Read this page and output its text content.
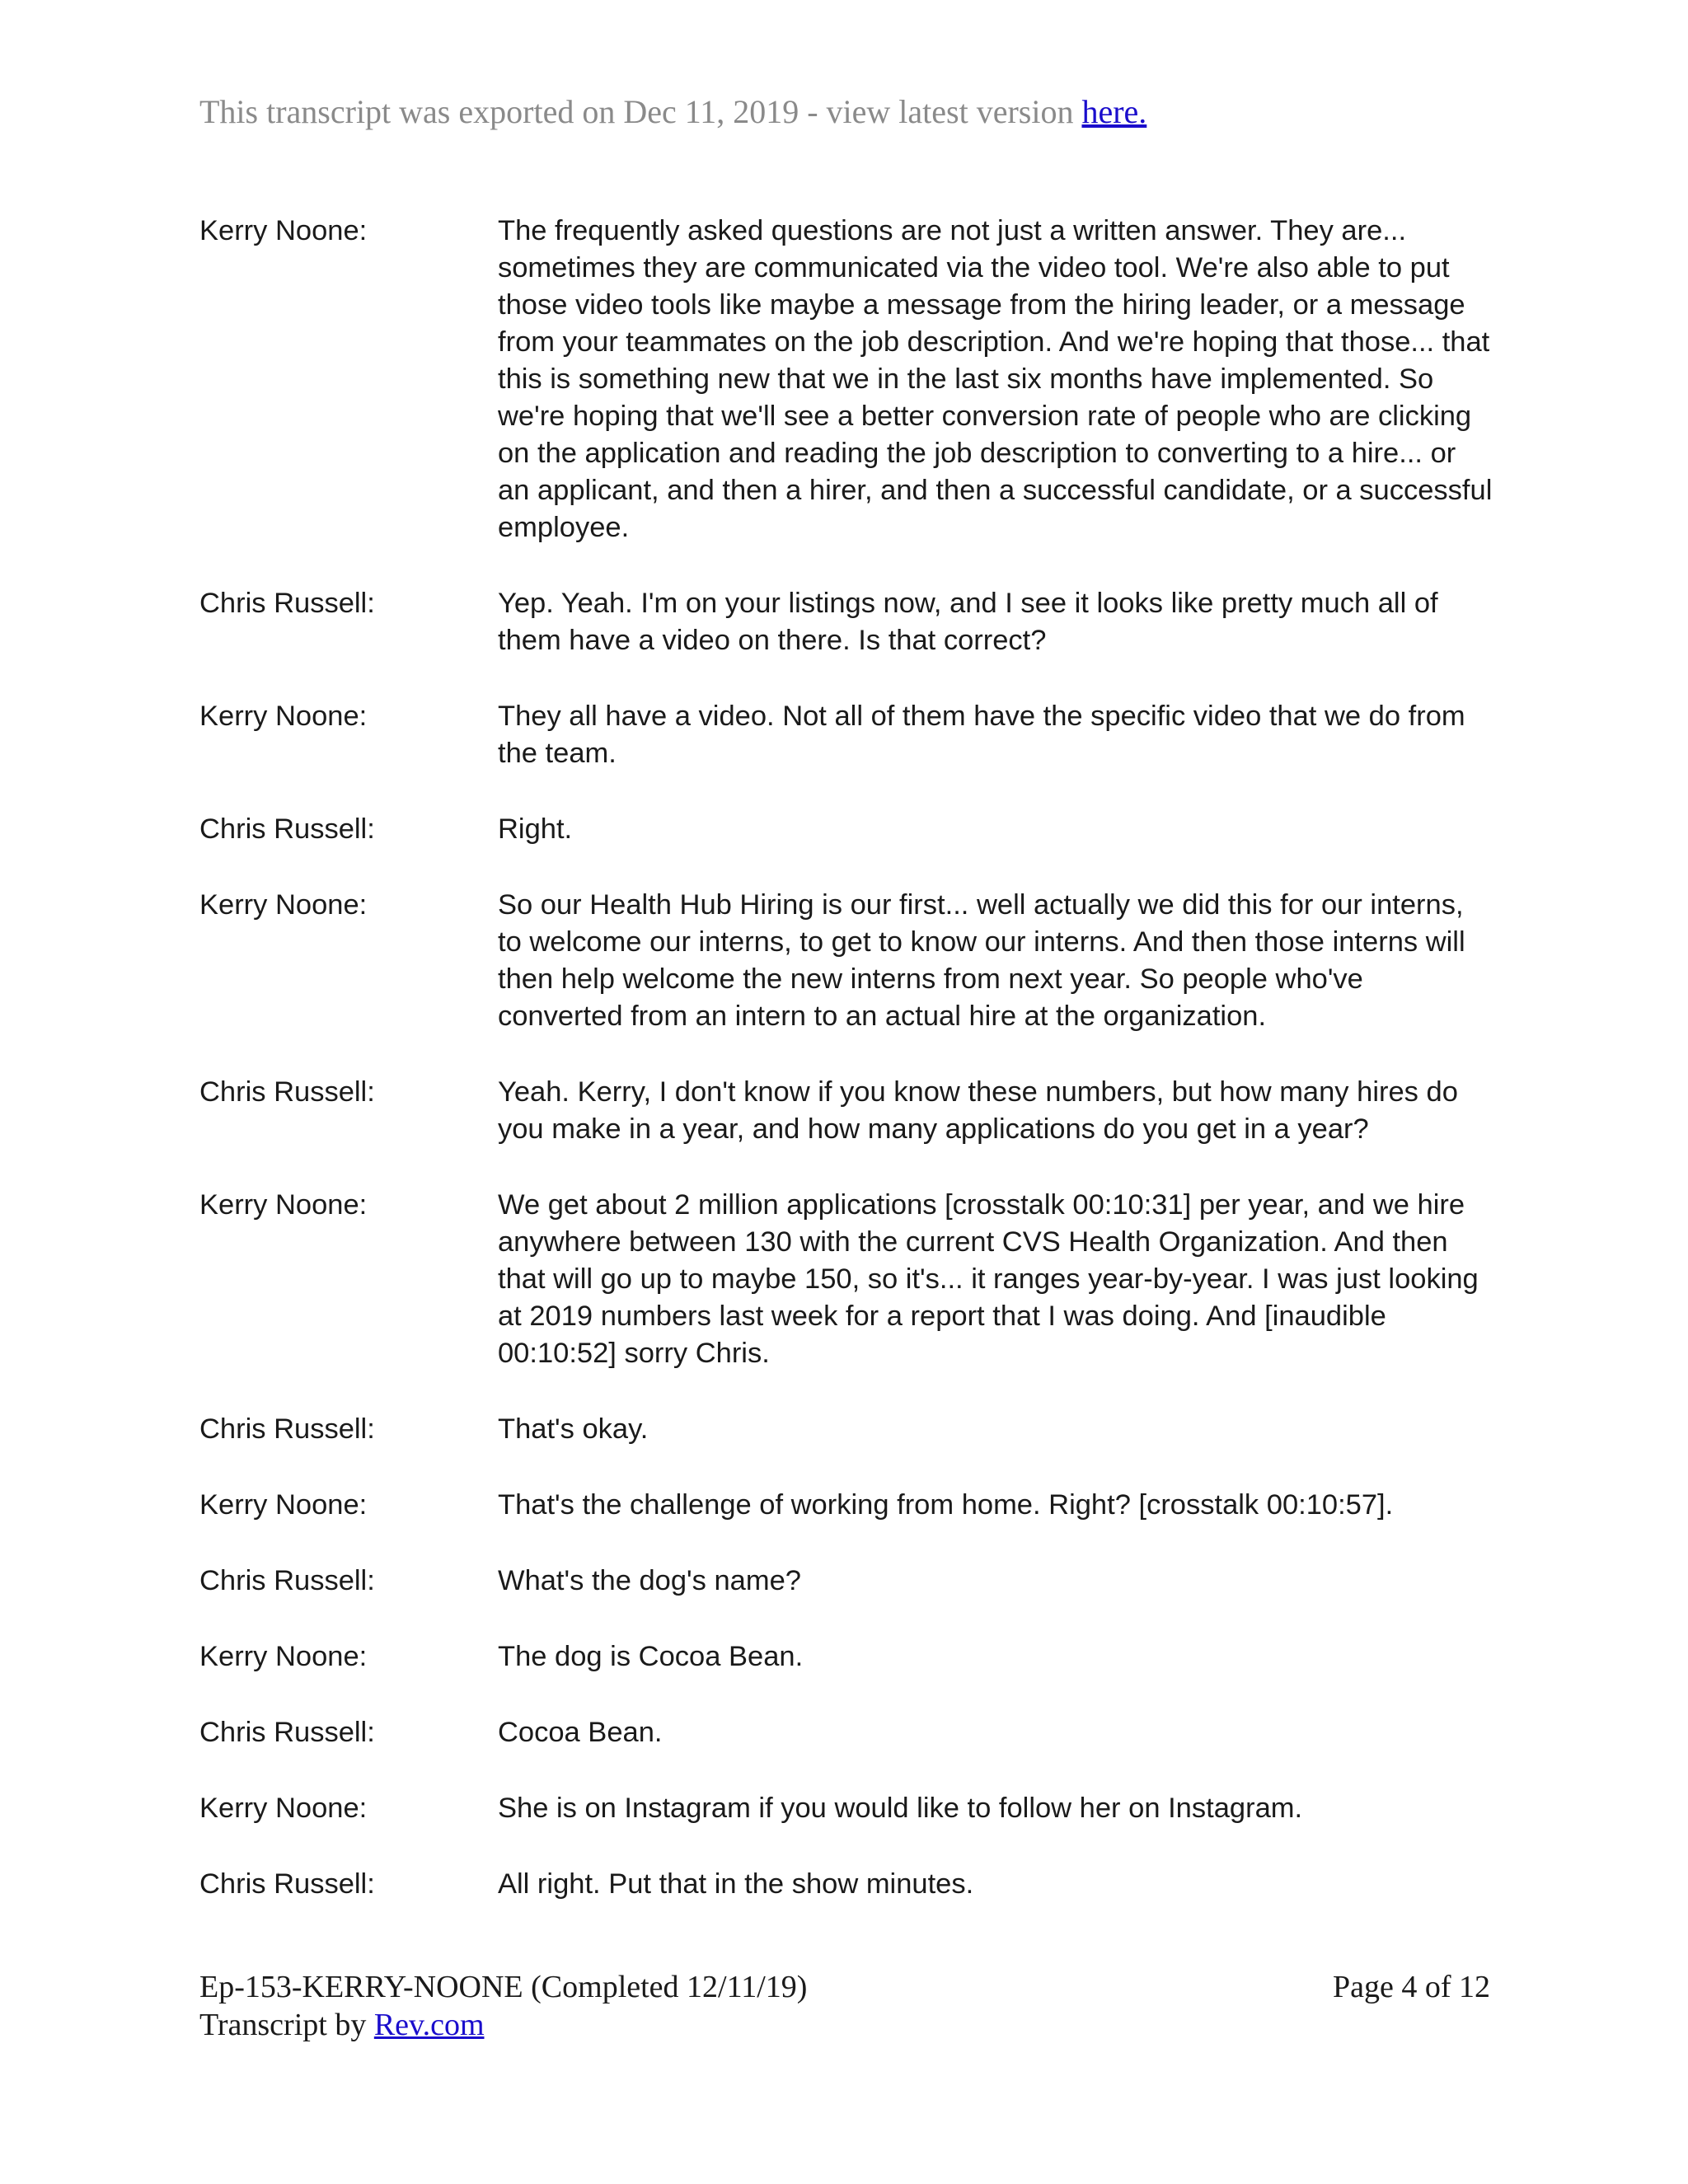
This transcript was exported on Dec 11, 2019 - view latest version here.
Kerry Noone:	The frequently asked questions are not just a written answer. They are... sometimes they are communicated via the video tool. We're also able to put those video tools like maybe a message from the hiring leader, or a message from your teammates on the job description. And we're hoping that those... that this is something new that we in the last six months have implemented. So we're hoping that we'll see a better conversion rate of people who are clicking on the application and reading the job description to converting to a hire... or an applicant, and then a hirer, and then a successful candidate, or a successful employee.
Chris Russell:	Yep. Yeah. I'm on your listings now, and I see it looks like pretty much all of them have a video on there. Is that correct?
Kerry Noone:	They all have a video. Not all of them have the specific video that we do from the team.
Chris Russell:	Right.
Kerry Noone:	So our Health Hub Hiring is our first... well actually we did this for our interns, to welcome our interns, to get to know our interns. And then those interns will then help welcome the new interns from next year. So people who've converted from an intern to an actual hire at the organization.
Chris Russell:	Yeah. Kerry, I don't know if you know these numbers, but how many hires do you make in a year, and how many applications do you get in a year?
Kerry Noone:	We get about 2 million applications [crosstalk 00:10:31] per year, and we hire anywhere between 130 with the current CVS Health Organization. And then that will go up to maybe 150, so it's... it ranges year-by-year. I was just looking at 2019 numbers last week for a report that I was doing. And [inaudible 00:10:52] sorry Chris.
Chris Russell:	That's okay.
Kerry Noone:	That's the challenge of working from home. Right? [crosstalk 00:10:57].
Chris Russell:	What's the dog's name?
Kerry Noone:	The dog is Cocoa Bean.
Chris Russell:	Cocoa Bean.
Kerry Noone:	She is on Instagram if you would like to follow her on Instagram.
Chris Russell:	All right. Put that in the show minutes.
Ep-153-KERRY-NOONE (Completed 12/11/19)	Page 4 of 12
Transcript by Rev.com
